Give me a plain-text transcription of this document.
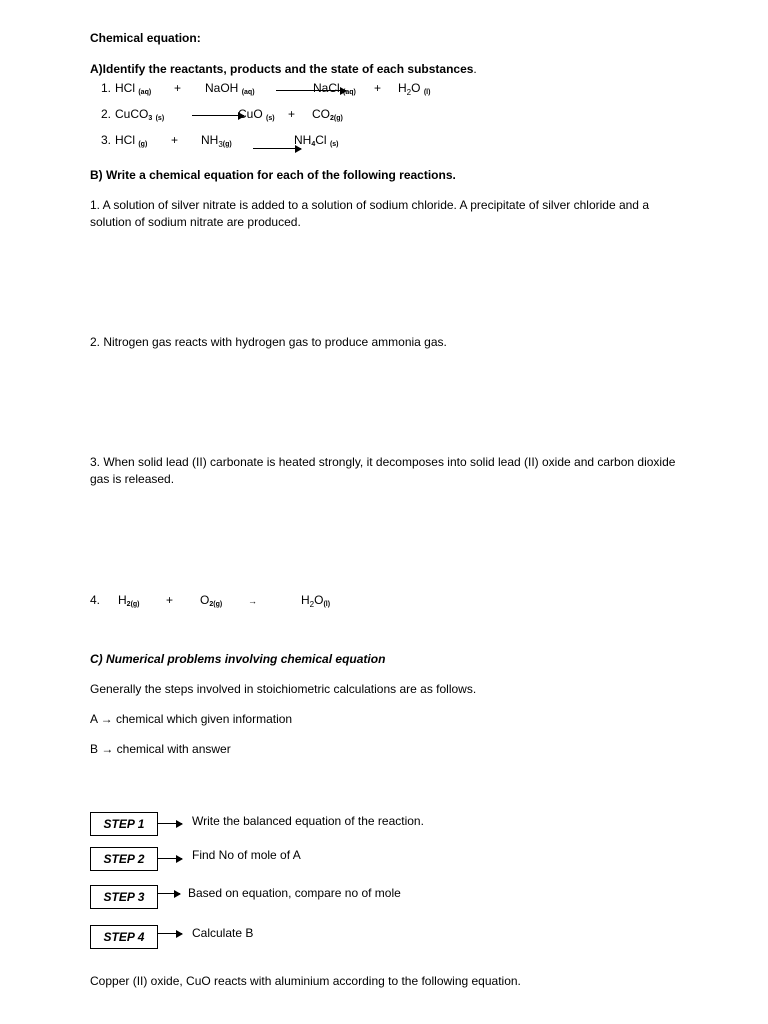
Chemical equation:
A)Identify the reactants, products and the state of each substances.
1. HCl $_{(aq)}$ + NaOH $_{(aq)}$	NaCl $_{(aq)} + H_2O$ $_{(l)}$
2. CuCO$_3$ $_{(s)}$	CuO $_{(s)} + CO_{2(g)}$
3. HCl $_{(g)} + NH_{3(g)}$	$NH_4Cl$ $_{(s)}$
B) Write a chemical equation for each of the following reactions.
1. A solution of silver nitrate is added to a solution of sodium chloride. A precipitate of silver chloride and a solution of sodium nitrate are produced.
2. Nitrogen gas reacts with hydrogen gas to produce ammonia gas.
3. When solid lead (II) carbonate is heated strongly, it decomposes into solid lead (II) oxide and carbon dioxide gas is released.
4. $H_{2(g)} + O_{2(g)}$	→	$H_2O_{(l)}$
C) Numerical problems involving chemical equation
Generally the steps involved in stoichiometric calculations are as follows.
A → chemical which given information
B → chemical with answer
STEP 1	Write the balanced equation of the reaction.
STEP 2	Find No of mole of A
STEP 3	Based on equation, compare no of mole
STEP 4	Calculate B
Copper (II) oxide, CuO reacts with aluminium according to the following equation.
